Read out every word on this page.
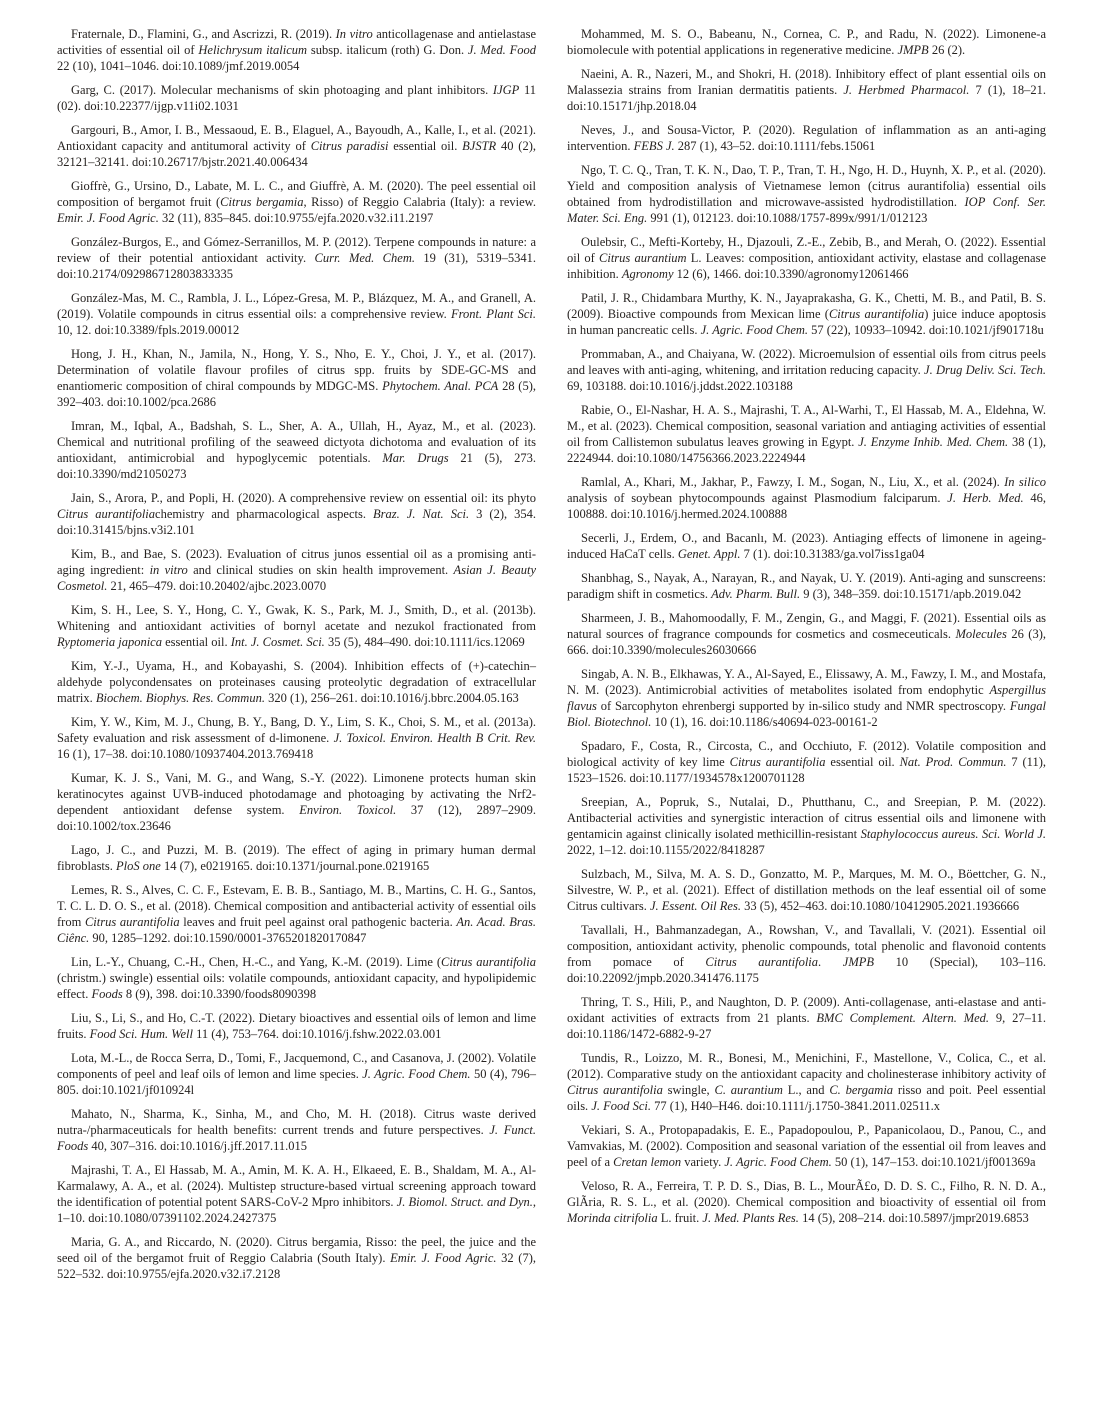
Fraternale, D., Flamini, G., and Ascrizzi, R. (2019). In vitro anticollagenase and antielastase activities of essential oil of Helichrysum italicum subsp. italicum (roth) G. Don. J. Med. Food 22 (10), 1041–1046. doi:10.1089/jmf.2019.0054

Garg, C. (2017). Molecular mechanisms of skin photoaging and plant inhibitors. IJGP 11 (02). doi:10.22377/ijgp.v11i02.1031

Gargouri, B., Amor, I. B., Messaoud, E. B., Elaguel, A., Bayoudh, A., Kalle, I., et al. (2021). Antioxidant capacity and antitumoral activity of Citrus paradisi essential oil. BJSTR 40 (2), 32121–32141. doi:10.26717/bjstr.2021.40.006434

Gioffrè, G., Ursino, D., Labate, M. L. C., and Giuffrè, A. M. (2020). The peel essential oil composition of bergamot fruit (Citrus bergamia, Risso) of Reggio Calabria (Italy): a review. Emir. J. Food Agric. 32 (11), 835–845. doi:10.9755/ejfa.2020.v32.i11.2197

González-Burgos, E., and Gómez-Serranillos, M. P. (2012). Terpene compounds in nature: a review of their potential antioxidant activity. Curr. Med. Chem. 19 (31), 5319–5341. doi:10.2174/092986712803833335

González-Mas, M. C., Rambla, J. L., López-Gresa, M. P., Blázquez, M. A., and Granell, A. (2019). Volatile compounds in citrus essential oils: a comprehensive review. Front. Plant Sci. 10, 12. doi:10.3389/fpls.2019.00012

Hong, J. H., Khan, N., Jamila, N., Hong, Y. S., Nho, E. Y., Choi, J. Y., et al. (2017). Determination of volatile flavour profiles of citrus spp. fruits by SDE-GC-MS and enantiomeric composition of chiral compounds by MDGC-MS. Phytochem. Anal. PCA 28 (5), 392–403. doi:10.1002/pca.2686

Imran, M., Iqbal, A., Badshah, S. L., Sher, A. A., Ullah, H., Ayaz, M., et al. (2023). Chemical and nutritional profiling of the seaweed dictyota dichotoma and evaluation of its antioxidant, antimicrobial and hypoglycemic potentials. Mar. Drugs 21 (5), 273. doi:10.3390/md21050273

Jain, S., Arora, P., and Popli, H. (2020). A comprehensive review on essential oil: its phyto Citrus aurantifoliachemistry and pharmacological aspects. Braz. J. Nat. Sci. 3 (2), 354. doi:10.31415/bjns.v3i2.101

Kim, B., and Bae, S. (2023). Evaluation of citrus junos essential oil as a promising anti-aging ingredient: in vitro and clinical studies on skin health improvement. Asian J. Beauty Cosmetol. 21, 465–479. doi:10.20402/ajbc.2023.0070

Kim, S. H., Lee, S. Y., Hong, C. Y., Gwak, K. S., Park, M. J., Smith, D., et al. (2013b). Whitening and antioxidant activities of bornyl acetate and nezukol fractionated from Ryptomeria japonica essential oil. Int. J. Cosmet. Sci. 35 (5), 484–490. doi:10.1111/ics.12069

Kim, Y.-J., Uyama, H., and Kobayashi, S. (2004). Inhibition effects of (+)-catechin–aldehyde polycondensates on proteinases causing proteolytic degradation of extracellular matrix. Biochem. Biophys. Res. Commun. 320 (1), 256–261. doi:10.1016/j.bbrc.2004.05.163

Kim, Y. W., Kim, M. J., Chung, B. Y., Bang, D. Y., Lim, S. K., Choi, S. M., et al. (2013a). Safety evaluation and risk assessment of d-limonene. J. Toxicol. Environ. Health B Crit. Rev. 16 (1), 17–38. doi:10.1080/10937404.2013.769418

Kumar, K. J. S., Vani, M. G., and Wang, S.-Y. (2022). Limonene protects human skin keratinocytes against UVB-induced photodamage and photoaging by activating the Nrf2-dependent antioxidant defense system. Environ. Toxicol. 37 (12), 2897–2909. doi:10.1002/tox.23646

Lago, J. C., and Puzzi, M. B. (2019). The effect of aging in primary human dermal fibroblasts. PloS one 14 (7), e0219165. doi:10.1371/journal.pone.0219165

Lemes, R. S., Alves, C. C. F., Estevam, E. B. B., Santiago, M. B., Martins, C. H. G., Santos, T. C. L. D. O. S., et al. (2018). Chemical composition and antibacterial activity of essential oils from Citrus aurantifolia leaves and fruit peel against oral pathogenic bacteria. An. Acad. Bras. Ciênc. 90, 1285–1292. doi:10.1590/0001-3765201820170847

Lin, L.-Y., Chuang, C.-H., Chen, H.-C., and Yang, K.-M. (2019). Lime (Citrus aurantifolia (christm.) swingle) essential oils: volatile compounds, antioxidant capacity, and hypolipidemic effect. Foods 8 (9), 398. doi:10.3390/foods8090398

Liu, S., Li, S., and Ho, C.-T. (2022). Dietary bioactives and essential oils of lemon and lime fruits. Food Sci. Hum. Well 11 (4), 753–764. doi:10.1016/j.fshw.2022.03.001

Lota, M.-L., de Rocca Serra, D., Tomi, F., Jacquemond, C., and Casanova, J. (2002). Volatile components of peel and leaf oils of lemon and lime species. J. Agric. Food Chem. 50 (4), 796–805. doi:10.1021/jf010924l

Mahato, N., Sharma, K., Sinha, M., and Cho, M. H. (2018). Citrus waste derived nutra-/pharmaceuticals for health benefits: current trends and future perspectives. J. Funct. Foods 40, 307–316. doi:10.1016/j.jff.2017.11.015

Majrashi, T. A., El Hassab, M. A., Amin, M. K. A. H., Elkaeed, E. B., Shaldam, M. A., Al-Karmalawy, A. A., et al. (2024). Multistep structure-based virtual screening approach toward the identification of potential potent SARS-CoV-2 Mpro inhibitors. J. Biomol. Struct. and Dyn., 1–10. doi:10.1080/07391102.2024.2427375

Maria, G. A., and Riccardo, N. (2020). Citrus bergamia, Risso: the peel, the juice and the seed oil of the bergamot fruit of Reggio Calabria (South Italy). Emir. J. Food Agric. 32 (7), 522–532. doi:10.9755/ejfa.2020.v32.i7.2128

Mohammed, M. S. O., Babeanu, N., Cornea, C. P., and Radu, N. (2022). Limonene-a biomolecule with potential applications in regenerative medicine. JMPB 26 (2).

Naeini, A. R., Nazeri, M., and Shokri, H. (2018). Inhibitory effect of plant essential oils on Malassezia strains from Iranian dermatitis patients. J. Herbmed Pharmacol. 7 (1), 18–21. doi:10.15171/jhp.2018.04

Neves, J., and Sousa-Victor, P. (2020). Regulation of inflammation as an anti-aging intervention. FEBS J. 287 (1), 43–52. doi:10.1111/febs.15061

Ngo, T. C. Q., Tran, T. K. N., Dao, T. P., Tran, T. H., Ngo, H. D., Huynh, X. P., et al. (2020). Yield and composition analysis of Vietnamese lemon (citrus aurantifolia) essential oils obtained from hydrodistillation and microwave-assisted hydrodistillation. IOP Conf. Ser. Mater. Sci. Eng. 991 (1), 012123. doi:10.1088/1757-899x/991/1/012123

Oulebsir, C., Mefti-Korteby, H., Djazouli, Z.-E., Zebib, B., and Merah, O. (2022). Essential oil of Citrus aurantium L. Leaves: composition, antioxidant activity, elastase and collagenase inhibition. Agronomy 12 (6), 1466. doi:10.3390/agronomy12061466

Patil, J. R., Chidambara Murthy, K. N., Jayaprakasha, G. K., Chetti, M. B., and Patil, B. S. (2009). Bioactive compounds from Mexican lime (Citrus aurantifolia) juice induce apoptosis in human pancreatic cells. J. Agric. Food Chem. 57 (22), 10933–10942. doi:10.1021/jf901718u

Prommaban, A., and Chaiyana, W. (2022). Microemulsion of essential oils from citrus peels and leaves with anti-aging, whitening, and irritation reducing capacity. J. Drug Deliv. Sci. Tech. 69, 103188. doi:10.1016/j.jddst.2022.103188

Rabie, O., El-Nashar, H. A. S., Majrashi, T. A., Al-Warhi, T., El Hassab, M. A., Eldehna, W. M., et al. (2023). Chemical composition, seasonal variation and antiaging activities of essential oil from Callistemon subulatus leaves growing in Egypt. J. Enzyme Inhib. Med. Chem. 38 (1), 2224944. doi:10.1080/14756366.2023.2224944

Ramlal, A., Khari, M., Jakhar, P., Fawzy, I. M., Sogan, N., Liu, X., et al. (2024). In silico analysis of soybean phytocompounds against Plasmodium falciparum. J. Herb. Med. 46, 100888. doi:10.1016/j.hermed.2024.100888

Secerli, J., Erdem, O., and Bacanlı, M. (2023). Antiaging effects of limonene in ageing-induced HaCaT cells. Genet. Appl. 7 (1). doi:10.31383/ga.vol7iss1ga04

Shanbhag, S., Nayak, A., Narayan, R., and Nayak, U. Y. (2019). Anti-aging and sunscreens: paradigm shift in cosmetics. Adv. Pharm. Bull. 9 (3), 348–359. doi:10.15171/apb.2019.042

Sharmeen, J. B., Mahomoodally, F. M., Zengin, G., and Maggi, F. (2021). Essential oils as natural sources of fragrance compounds for cosmetics and cosmeceuticals. Molecules 26 (3), 666. doi:10.3390/molecules26030666

Singab, A. N. B., Elkhawas, Y. A., Al-Sayed, E., Elissawy, A. M., Fawzy, I. M., and Mostafa, N. M. (2023). Antimicrobial activities of metabolites isolated from endophytic Aspergillus flavus of Sarcophyton ehrenbergi supported by in-silico study and NMR spectroscopy. Fungal Biol. Biotechnol. 10 (1), 16. doi:10.1186/s40694-023-00161-2

Spadaro, F., Costa, R., Circosta, C., and Occhiuto, F. (2012). Volatile composition and biological activity of key lime Citrus aurantifolia essential oil. Nat. Prod. Commun. 7 (11), 1523–1526. doi:10.1177/1934578x1200701128

Sreepian, A., Popruk, S., Nutalai, D., Phutthanu, C., and Sreepian, P. M. (2022). Antibacterial activities and synergistic interaction of citrus essential oils and limonene with gentamicin against clinically isolated methicillin-resistant Staphylococcus aureus. Sci. World J. 2022, 1–12. doi:10.1155/2022/8418287

Sulzbach, M., Silva, M. A. S. D., Gonzatto, M. P., Marques, M. M. O., Böettcher, G. N., Silvestre, W. P., et al. (2021). Effect of distillation methods on the leaf essential oil of some Citrus cultivars. J. Essent. Oil Res. 33 (5), 452–463. doi:10.1080/10412905.2021.1936666

Tavallali, H., Bahmanzadegan, A., Rowshan, V., and Tavallali, V. (2021). Essential oil composition, antioxidant activity, phenolic compounds, total phenolic and flavonoid contents from pomace of Citrus aurantifolia. JMPB 10 (Special), 103–116. doi:10.22092/jmpb.2020.341476.1175

Thring, T. S., Hili, P., and Naughton, D. P. (2009). Anti-collagenase, anti-elastase and anti-oxidant activities of extracts from 21 plants. BMC Complement. Altern. Med. 9, 27–11. doi:10.1186/1472-6882-9-27

Tundis, R., Loizzo, M. R., Bonesi, M., Menichini, F., Mastellone, V., Colica, C., et al. (2012). Comparative study on the antioxidant capacity and cholinesterase inhibitory activity of Citrus aurantifolia swingle, C. aurantium L., and C. bergamia risso and poit. Peel essential oils. J. Food Sci. 77 (1), H40–H46. doi:10.1111/j.1750-3841.2011.02511.x

Vekiari, S. A., Protopapadakis, E. E., Papadopoulou, P., Papanicolaou, D., Panou, C., and Vamvakias, M. (2002). Composition and seasonal variation of the essential oil from leaves and peel of a Cretan lemon variety. J. Agric. Food Chem. 50 (1), 147–153. doi:10.1021/jf001369a

Veloso, R. A., Ferreira, T. P. D. S., Dias, B. L., MourÃ£o, D. D. S. C., Filho, R. N. D. A., GlÃria, R. S. L., et al. (2020). Chemical composition and bioactivity of essential oil from Morinda citrifolia L. fruit. J. Med. Plants Res. 14 (5), 208–214. doi:10.5897/jmpr2019.6853
